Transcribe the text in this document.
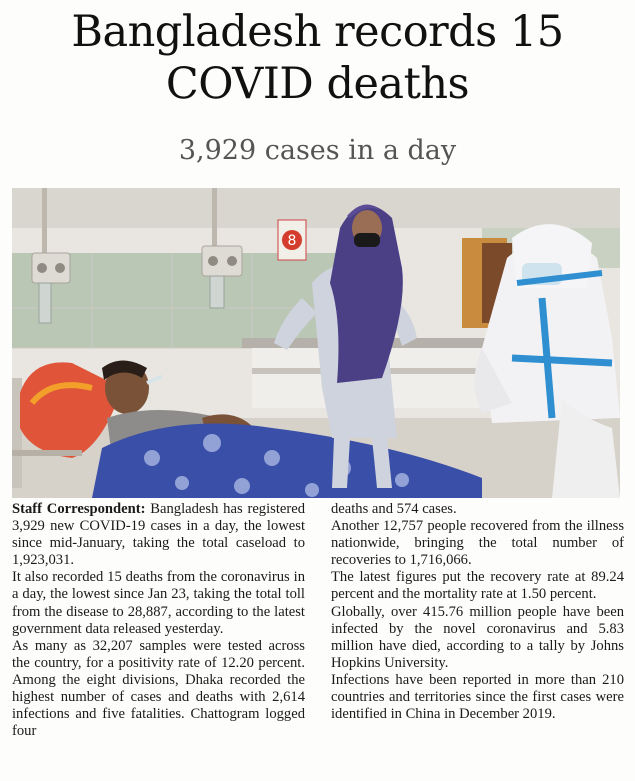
Bangladesh records 15
COVID deaths
3,929 cases in a day
8

Staff Correspondent: Bangladesh has registered 3,929 new COVID-19 cases in a day, the lowest since mid-January, taking the total caseload to 1,923,031.

It also recorded 15 deaths from the coronavirus in a day, the lowest since Jan 23, taking the total toll from the disease to 28,887, according to the latest government data released yesterday.

As many as 32,207 samples were tested across the country, for a positivity rate of 12.20 percent. Among the eight divisions, Dhaka recorded the highest number of cases and deaths with 2,614 infections and five fatalities. Chattogram logged four

deaths and 574 cases.

Another 12,757 people recovered from the illness nationwide, bringing the total number of recoveries to 1,716,066.

The latest figures put the recovery rate at 89.24 percent and the mortality rate at 1.50 percent.

Globally, over 415.76 million people have been infected by the novel coronavirus and 5.83 million have died, according to a tally by Johns Hopkins University.

Infections have been reported in more than 210 countries and territories since the first cases were identified in China in December 2019.
